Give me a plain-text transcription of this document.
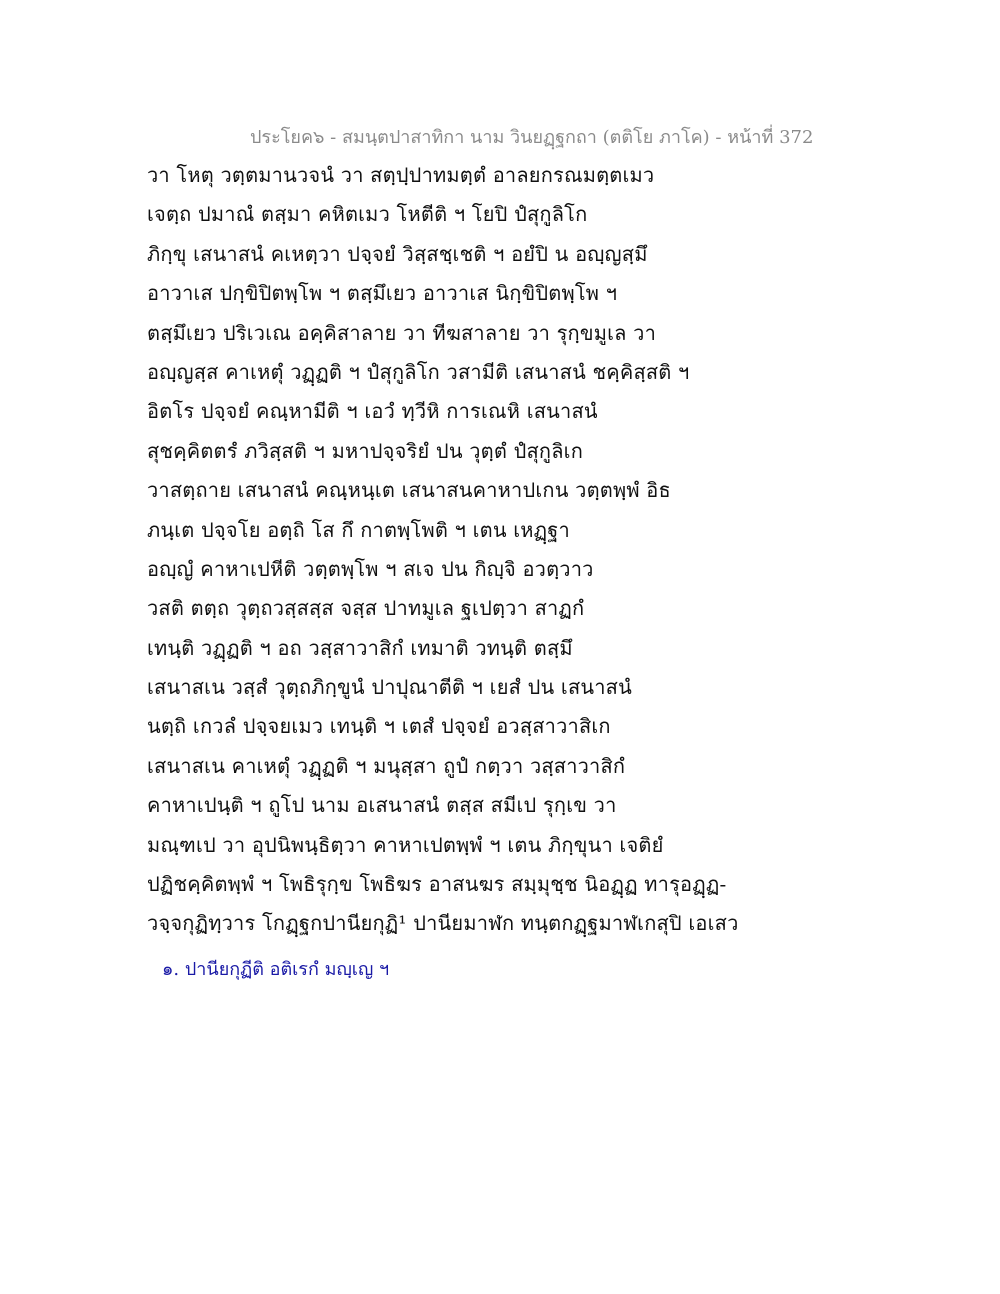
ประโยค๖ - สมนฺตปาสาทิกา นาม วินยฏฺฐกถา (ตติโย ภาโค) - หน้าที่ 372
วา โหตุ วตฺตมานวจนํ วา สตฺปฺปาทมตฺตํ อาลยกรณมตฺตเมว
เจตฺถ ปมาณํ ตสฺมา คหิตเมว โหตีติ ฯ โยปิ ปํสุกูลิโก
ภิกฺขุ เสนาสนํ คเหตฺวา ปจฺจยํ วิสฺสชฺเชติ ฯ อยํปิ น อญฺญสฺมึ
อาวาเส ปกฺขิปิตพฺโพ ฯ ตสฺมึเยว อาวาเส นิกฺขิปิตพฺโพ ฯ
ตสฺมึเยว ปริเวเณ อคฺคิสาลาย วา ทีฆสาลาย วา รุกฺขมูเล วา
อญฺญสฺส คาเหตุํ วฏฺฏติ ฯ ปํสุกูลิโก วสามีติ เสนาสนํ ชคฺคิสฺสติ ฯ
อิตโร ปจฺจยํ คณฺหามีติ ฯ เอวํ ทฺวีหิ การเณหิ เสนาสนํ
สุชคฺคิตตรํ ภวิสฺสติ ฯ มหาปจฺจริยํ ปน วุตฺตํ ปํสุกูลิเก
วาสตฺถาย เสนาสนํ คณฺหนฺเต เสนาสนคาหาปเกน วตฺตพฺพํ อิธ
ภนฺเต ปจฺจโย อตฺถิ โส กึ กาตพฺโพติ ฯ เตน เหฏฺฐา
อญฺญํ คาหาเปหีติ วตฺตพฺโพ ฯ สเจ ปน กิญฺจิ อวตฺวาว
วสติ ตตฺถ วุตฺถวสฺสสฺส จสฺส ปาทมูเล ฐเปตฺวา สาฏกํ
เทนฺติ วฏฺฏติ ฯ อถ วสฺสาวาสิกํ เทมาติ วทนฺติ ตสฺมึ
เสนาสเน วสฺสํ วุตฺถภิกฺขูนํ ปาปุณาตีติ ฯ เยสํ ปน เสนาสนํ
นตฺถิ เกวลํ ปจฺจยเมว เทนฺติ ฯ เตสํ ปจฺจยํ อวสฺสาวาสิเก
เสนาสเน คาเหตุํ วฏฺฏติ ฯ มนุสฺสา ถูปํ กตฺวา วสฺสาวาสิกํ
คาหาเปนฺติ ฯ ถูโป นาม อเสนาสนํ ตสฺส สมีเป รุกฺเข วา
มณฺฑเป วา อุปนิพนฺธิตฺวา คาหาเปตพฺพํ ฯ เตน ภิกฺขุนา เจติยํ
ปฏิชคฺคิตพฺพํ ฯ โพธิรุกฺข โพธิฆร อาสนฆร สมฺมุชฺช นิอฏฺฏ ทารุอฏฺฏ-
วจฺจกุฏิทฺวาร โกฏฺฐกปานียกุฏิ¹ ปานียมาฬก ทนฺตกฏฺฐมาฬเกสุปิ เอเสว
๑. ปานียกุฏีติ อติเรกํ มญฺเญ ฯ
